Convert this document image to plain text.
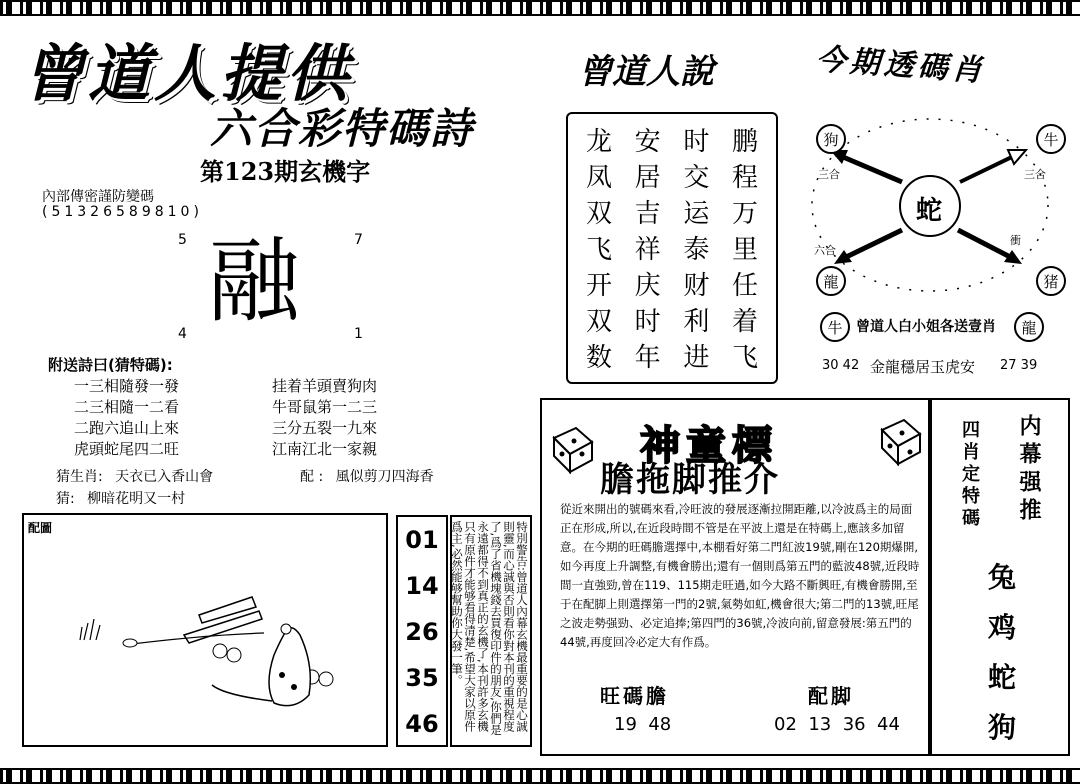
曾道人提供
六合彩特碼詩
第123期玄機字
內部傳密謹防變碼
(51326589810)
5	7
4	1
融
附送詩曰(猜特碼):
一三相隨發一發	挂着羊頭賣狗肉
二三相隨一二看	牛哥鼠第一二三
二跑六追山上來	三分五裂一九來
虎頭蛇尾四二旺	江南江北一家親
猜生肖: 天衣已入香山會	配 : 風似剪刀四海香
猜: 柳暗花明又一村
曾道人說
龙 安 时 鹏
凤 居 交 程
双 吉 运 万
飞 祥 泰 里
开 庆 财 任
双 时 利 着
数 年 进 飞
今期透碼肖
蛇
狗	牛
龍	猪
三合	三合
六合
衝
牛 曾道人白小姐各送壹肖	龍
30 42 金龍穩居玉虎安 27 39
配圖	01
14
26
35
46	特別警告:曾道人內幕玄機最重要的是心誠則靈,而心誠與否則看你對本刊的重視程度了,爲了省機塊錢去買復印件的朋友,你們是永遠都得不到真正的玄機了,本刊許多玄機只有原件才能够看得清楚,希望大家以原件爲主,必然能够幫助你大發一筆。
神童標
膽拖脚推介
從近來開出的號碼來看,冷旺波的發展逐漸拉開距離,以冷波爲主的局面正在形成,所以,在近段時間不管是在平波上還是在特碼上,應該多加留意。在今期的旺碼膽選擇中,本棚看好第二門紅波19號,剛在120期爆開,如今再度上升調整,有機會勝出;還有一個則爲第五門的藍波48號,近段時間一直強勁,曾在119、115期走旺過,如今大路不斷興旺,有機會勝開,至于在配脚上則選擇第一門的2號,氣勢如虹,機會很大;第二門的13號,旺尾之波走勢强勁、必定追捧;第四門的36號,冷波向前,留意發展:第五門的44號,再度回冷必定大有作爲。
旺碼膽	配脚
19  48	02  13  36  44
内幕强推
四肖定特碼
兔
鸡
蛇
狗
